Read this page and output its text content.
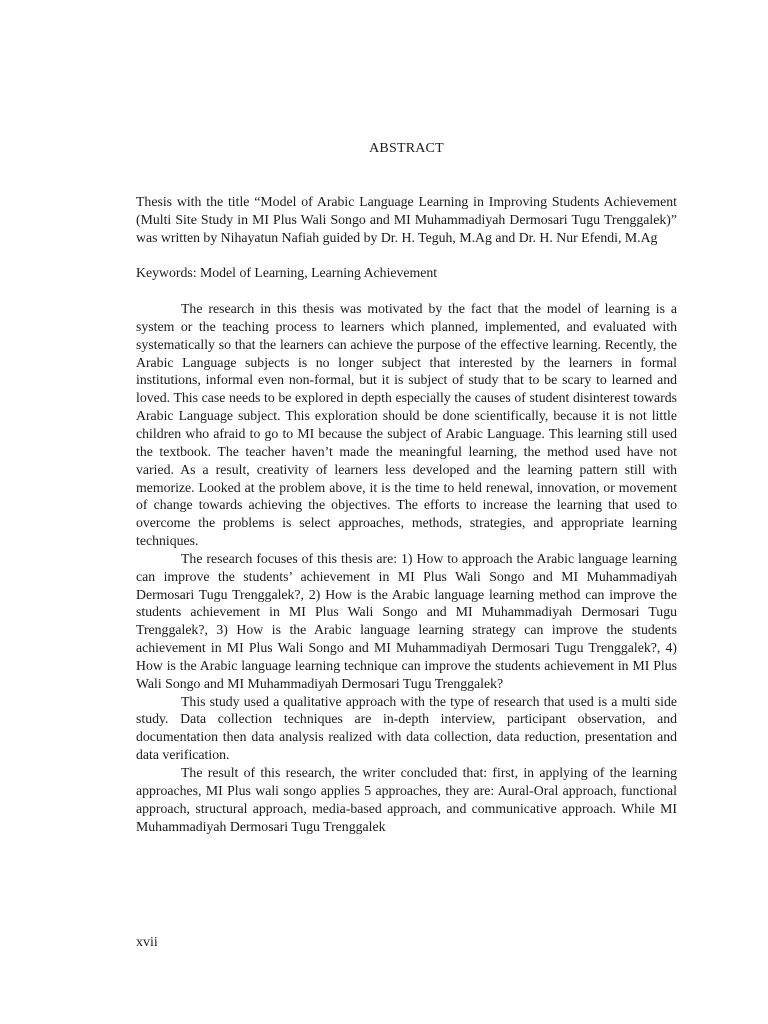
ABSTRACT

Thesis with the title “Model of Arabic Language Learning in Improving Students Achievement (Multi Site Study in MI Plus Wali Songo and MI Muhammadiyah Dermosari Tugu Trenggalek)” was written by Nihayatun Nafiah guided by Dr. H. Teguh, M.Ag and Dr. H. Nur Efendi, M.Ag

Keywords: Model of Learning, Learning Achievement

The research in this thesis was motivated by the fact that the model of learning is a system or the teaching process to learners which planned, implemented, and evaluated with systematically so that the learners can achieve the purpose of the effective learning. Recently, the Arabic Language subjects is no longer subject that interested by the learners in formal institutions, informal even non-formal, but it is subject of study that to be scary to learned and loved. This case needs to be explored in depth especially the causes of student disinterest towards Arabic Language subject. This exploration should be done scientifically, because it is not little children who afraid to go to MI because the subject of Arabic Language. This learning still used the textbook. The teacher haven’t made the meaningful learning, the method used have not varied. As a result, creativity of learners less developed and the learning pattern still with memorize. Looked at the problem above, it is the time to held renewal, innovation, or movement of change towards achieving the objectives. The efforts to increase the learning that used to overcome the problems is select approaches, methods, strategies, and appropriate learning techniques.

The research focuses of this thesis are: 1) How to approach the Arabic language learning can improve the students’ achievement in MI Plus Wali Songo and MI Muhammadiyah Dermosari Tugu Trenggalek?, 2) How is the Arabic language learning method can improve the students achievement in MI Plus Wali Songo and MI Muhammadiyah Dermosari Tugu Trenggalek?, 3) How is the Arabic language learning strategy can improve the students achievement in MI Plus Wali Songo and MI Muhammadiyah Dermosari Tugu Trenggalek?, 4) How is the Arabic language learning technique can improve the students achievement in MI Plus Wali Songo and MI Muhammadiyah Dermosari Tugu Trenggalek?

This study used a qualitative approach with the type of research that used is a multi side study. Data collection techniques are in-depth interview, participant observation, and documentation then data analysis realized with data collection, data reduction, presentation and data verification.

The result of this research, the writer concluded that: first, in applying of the learning approaches, MI Plus wali songo applies 5 approaches, they are: Aural-Oral approach, functional approach, structural approach, media-based approach, and communicative approach. While MI Muhammadiyah Dermosari Tugu Trenggalek

xvii
